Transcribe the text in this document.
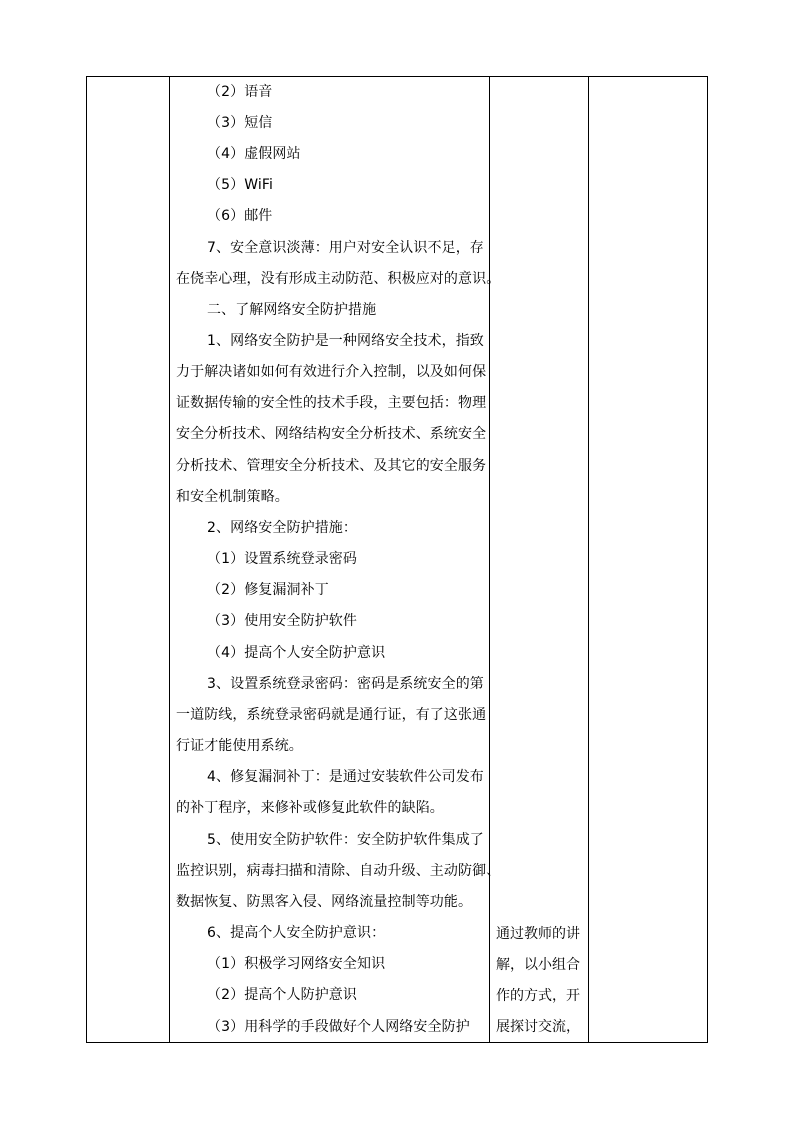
（2）语音
（3）短信
（4）虚假网站
（5）WiFi
（6）邮件
7、安全意识淡薄：用户对安全认识不足，存
在侥幸心理，没有形成主动防范、积极应对的意识。
二、了解网络安全防护措施
1、网络安全防护是一种网络安全技术，指致
力于解决诸如如何有效进行介入控制，以及如何保
证数据传输的安全性的技术手段，主要包括：物理
安全分析技术、网络结构安全分析技术、系统安全
分析技术、管理安全分析技术、及其它的安全服务
和安全机制策略。
2、网络安全防护措施：
（1）设置系统登录密码
（2）修复漏洞补丁
（3）使用安全防护软件
（4）提高个人安全防护意识
3、设置系统登录密码：密码是系统安全的第
一道防线，系统登录密码就是通行证，有了这张通
行证才能使用系统。
4、修复漏洞补丁：是通过安装软件公司发布
的补丁程序，来修补或修复此软件的缺陷。
5、使用安全防护软件：安全防护软件集成了
监控识别，病毒扫描和清除、自动升级、主动防御、
数据恢复、防黑客入侵、网络流量控制等功能。
6、提高个人安全防护意识：
（1）积极学习网络安全知识
（2）提高个人防护意识
（3）用科学的手段做好个人网络安全防护
通过教师的讲
解，以小组合
作的方式，开
展探讨交流，
